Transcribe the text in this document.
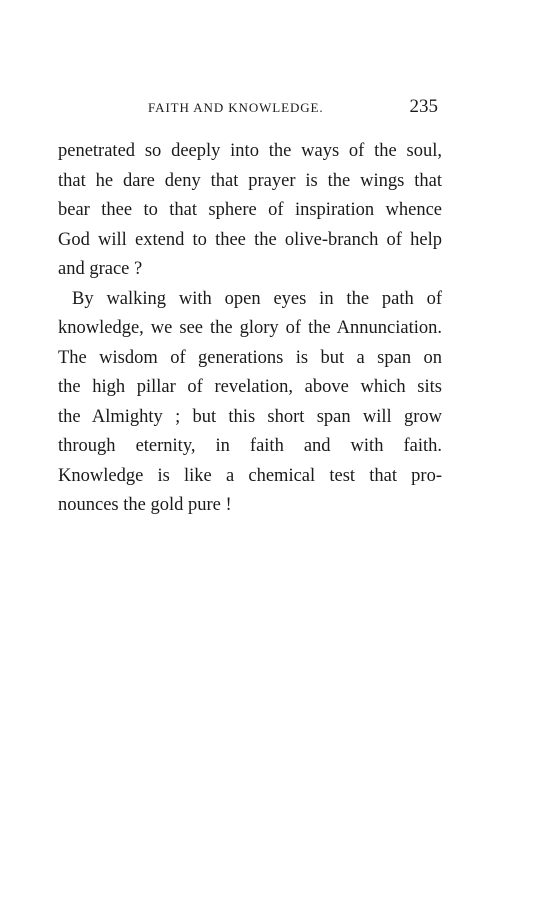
FAITH AND KNOWLEDGE.	235
penetrated so deeply into the ways of the soul,
that he dare deny that prayer is the wings that
bear thee to that sphere of inspiration whence
God will extend to thee the olive-branch of help
and grace ?
By walking with open eyes in the path of
knowledge, we see the glory of the Annunciation.
The wisdom of generations is but a span on
the high pillar of revelation, above which sits
the Almighty ; but this short span will grow
through eternity, in faith and with faith.
Knowledge is like a chemical test that pro-
nounces the gold pure !
